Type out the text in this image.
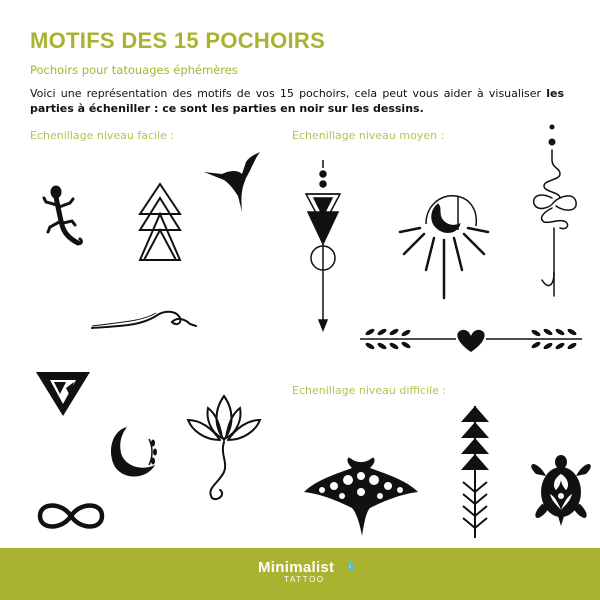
MOTIFS DES 15 POCHOIRS
Pochoirs pour tatouages éphémères

Voici une représentation des motifs de vos 15 pochoirs, cela peut vous aider à visualiser les parties à écheniller : ce sont les parties en noir sur les dessins.

Echenillage niveau facile :	Echenillage niveau moyen :
Echenillage niveau difficile :
Minimalist
TATTOO
💧
